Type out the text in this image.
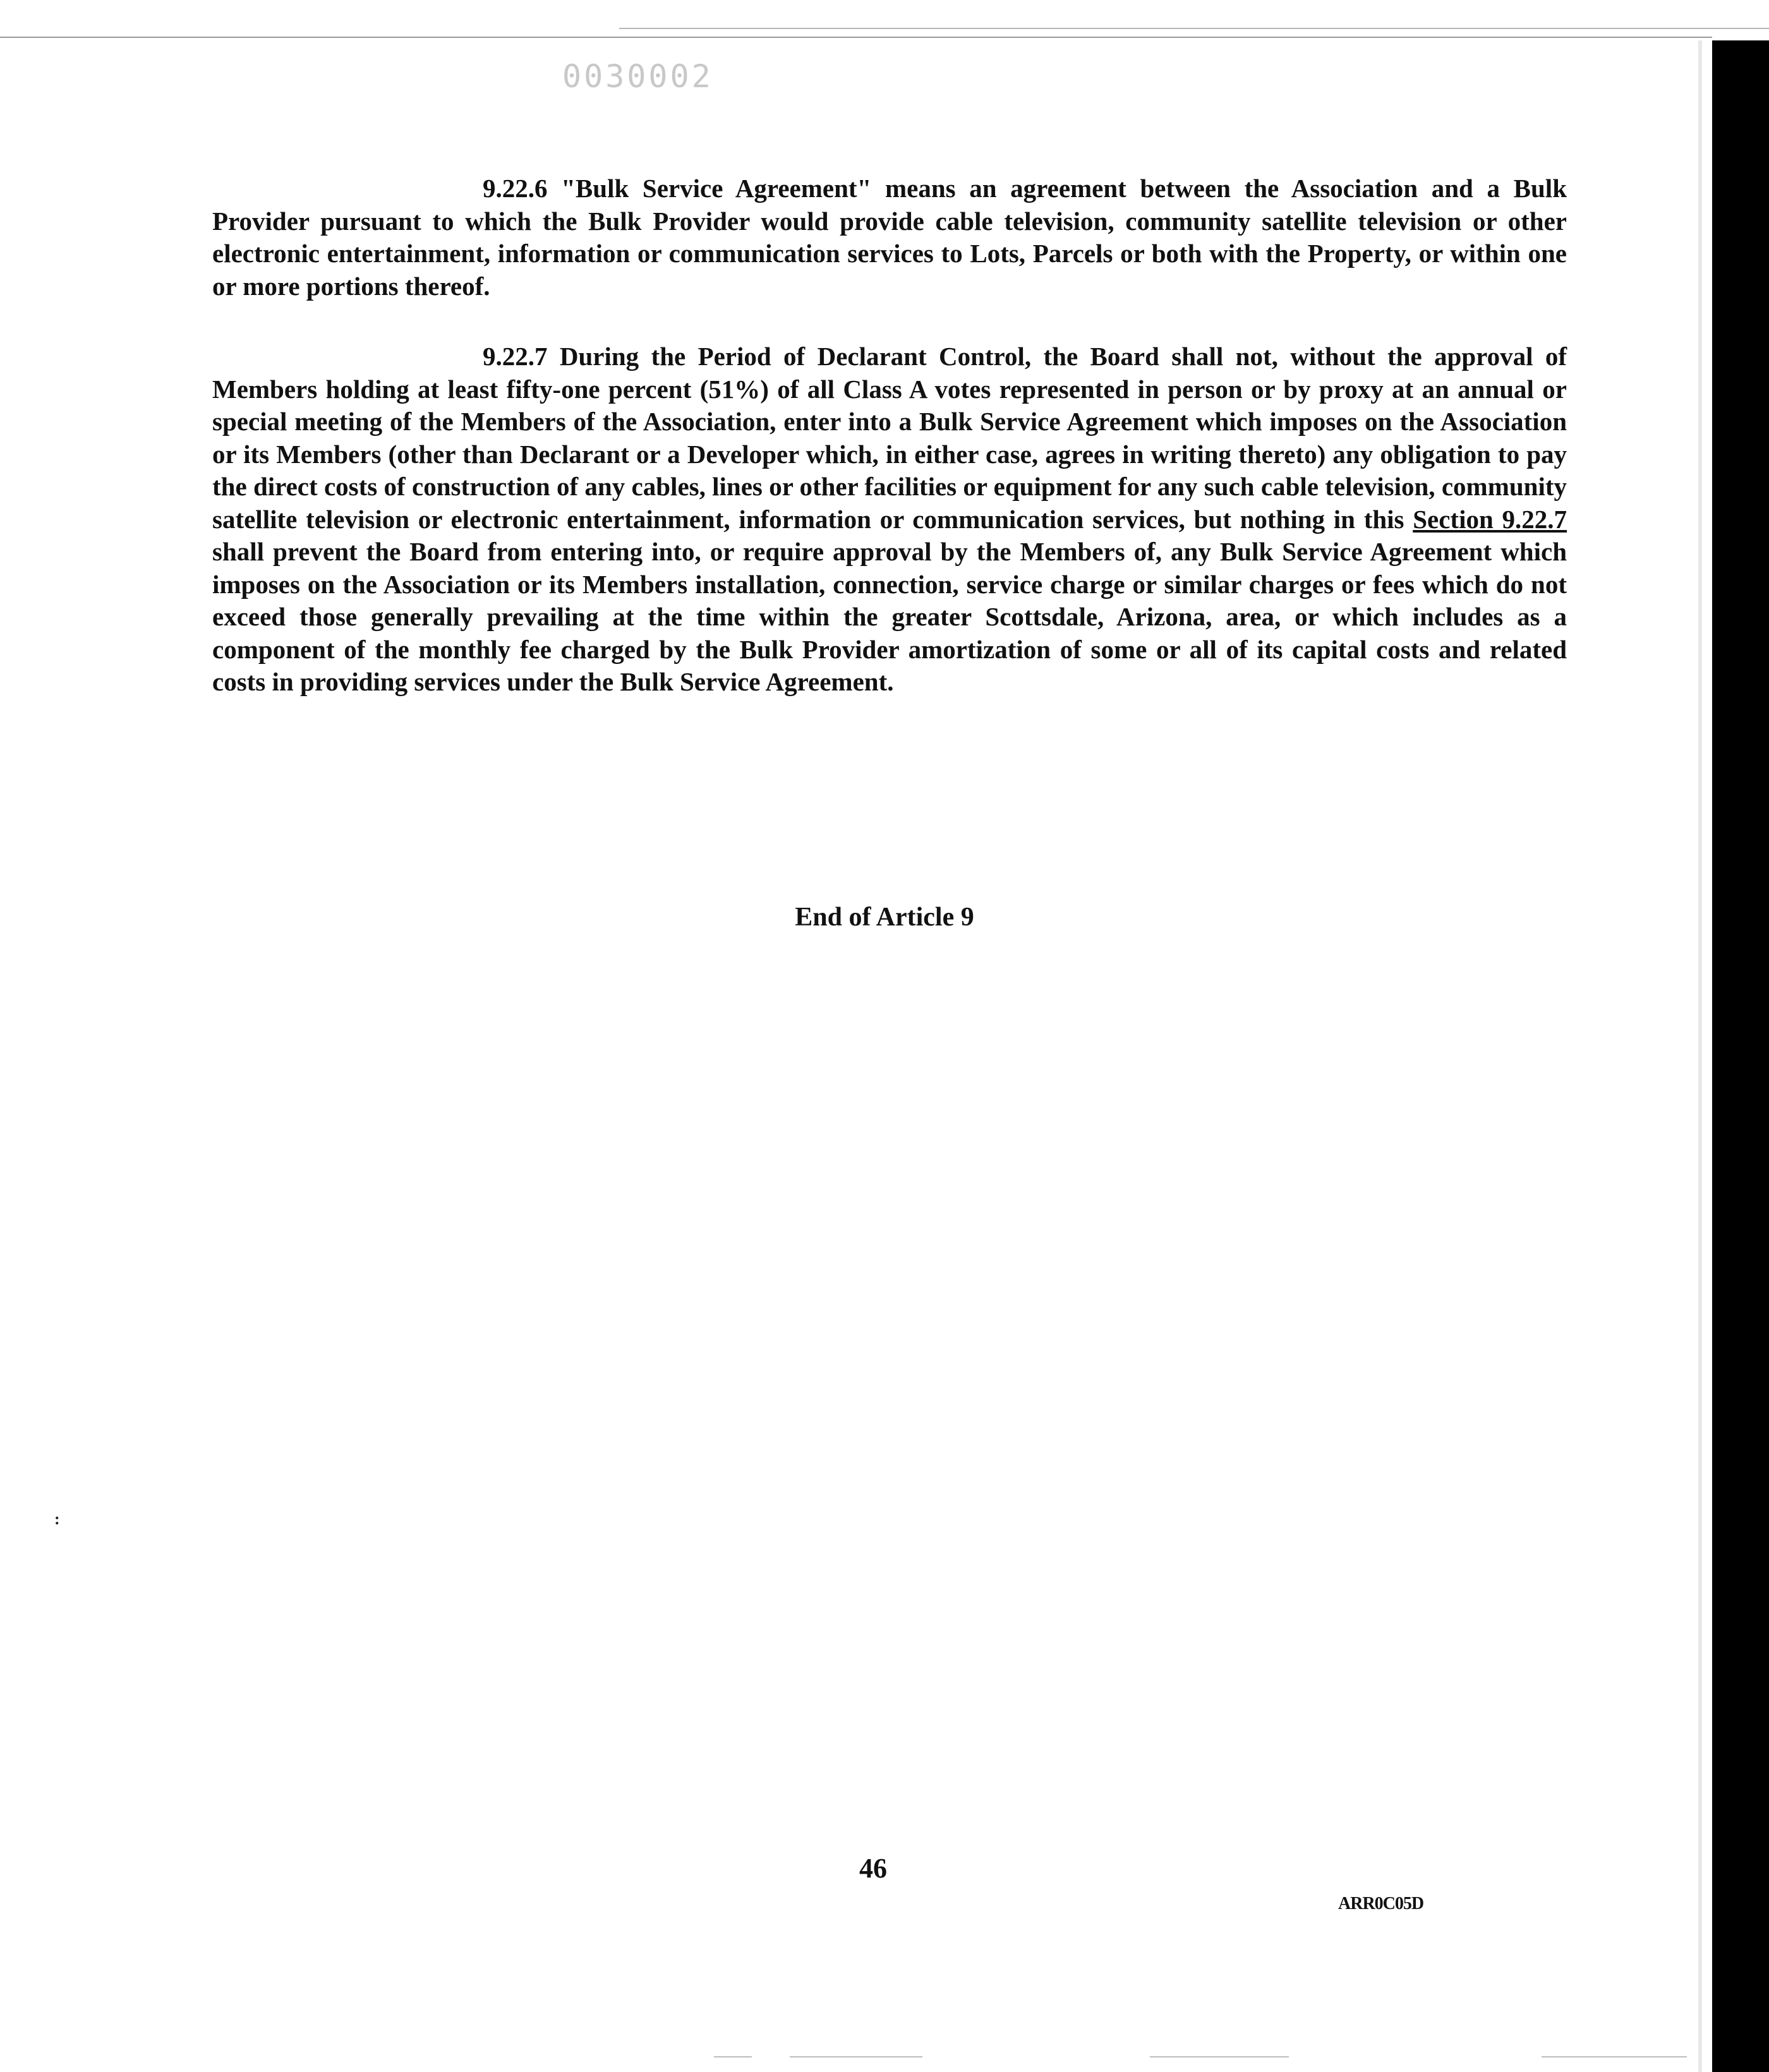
0030002

9.22.6 "Bulk Service Agreement" means an agreement between the Association and a Bulk Provider pursuant to which the Bulk Provider would provide cable television, community satellite television or other electronic entertainment, information or communication services to Lots, Parcels or both with the Property, or within one or more portions thereof.

9.22.7 During the Period of Declarant Control, the Board shall not, without the approval of Members holding at least fifty-one percent (51%) of all Class A votes represented in person or by proxy at an annual or special meeting of the Members of the Association, enter into a Bulk Service Agreement which imposes on the Association or its Members (other than Declarant or a Developer which, in either case, agrees in writing thereto) any obligation to pay the direct costs of construction of any cables, lines or other facilities or equipment for any such cable television, community satellite television or electronic entertainment, information or communication services, but nothing in this Section 9.22.7 shall prevent the Board from entering into, or require approval by the Members of, any Bulk Service Agreement which imposes on the Association or its Members installation, connection, service charge or similar charges or fees which do not exceed those generally prevailing at the time within the greater Scottsdale, Arizona, area, or which includes as a component of the monthly fee charged by the Bulk Provider amortization of some or all of its capital costs and related costs in providing services under the Bulk Service Agreement.

End of Article 9

:
46
ARR0C05D
